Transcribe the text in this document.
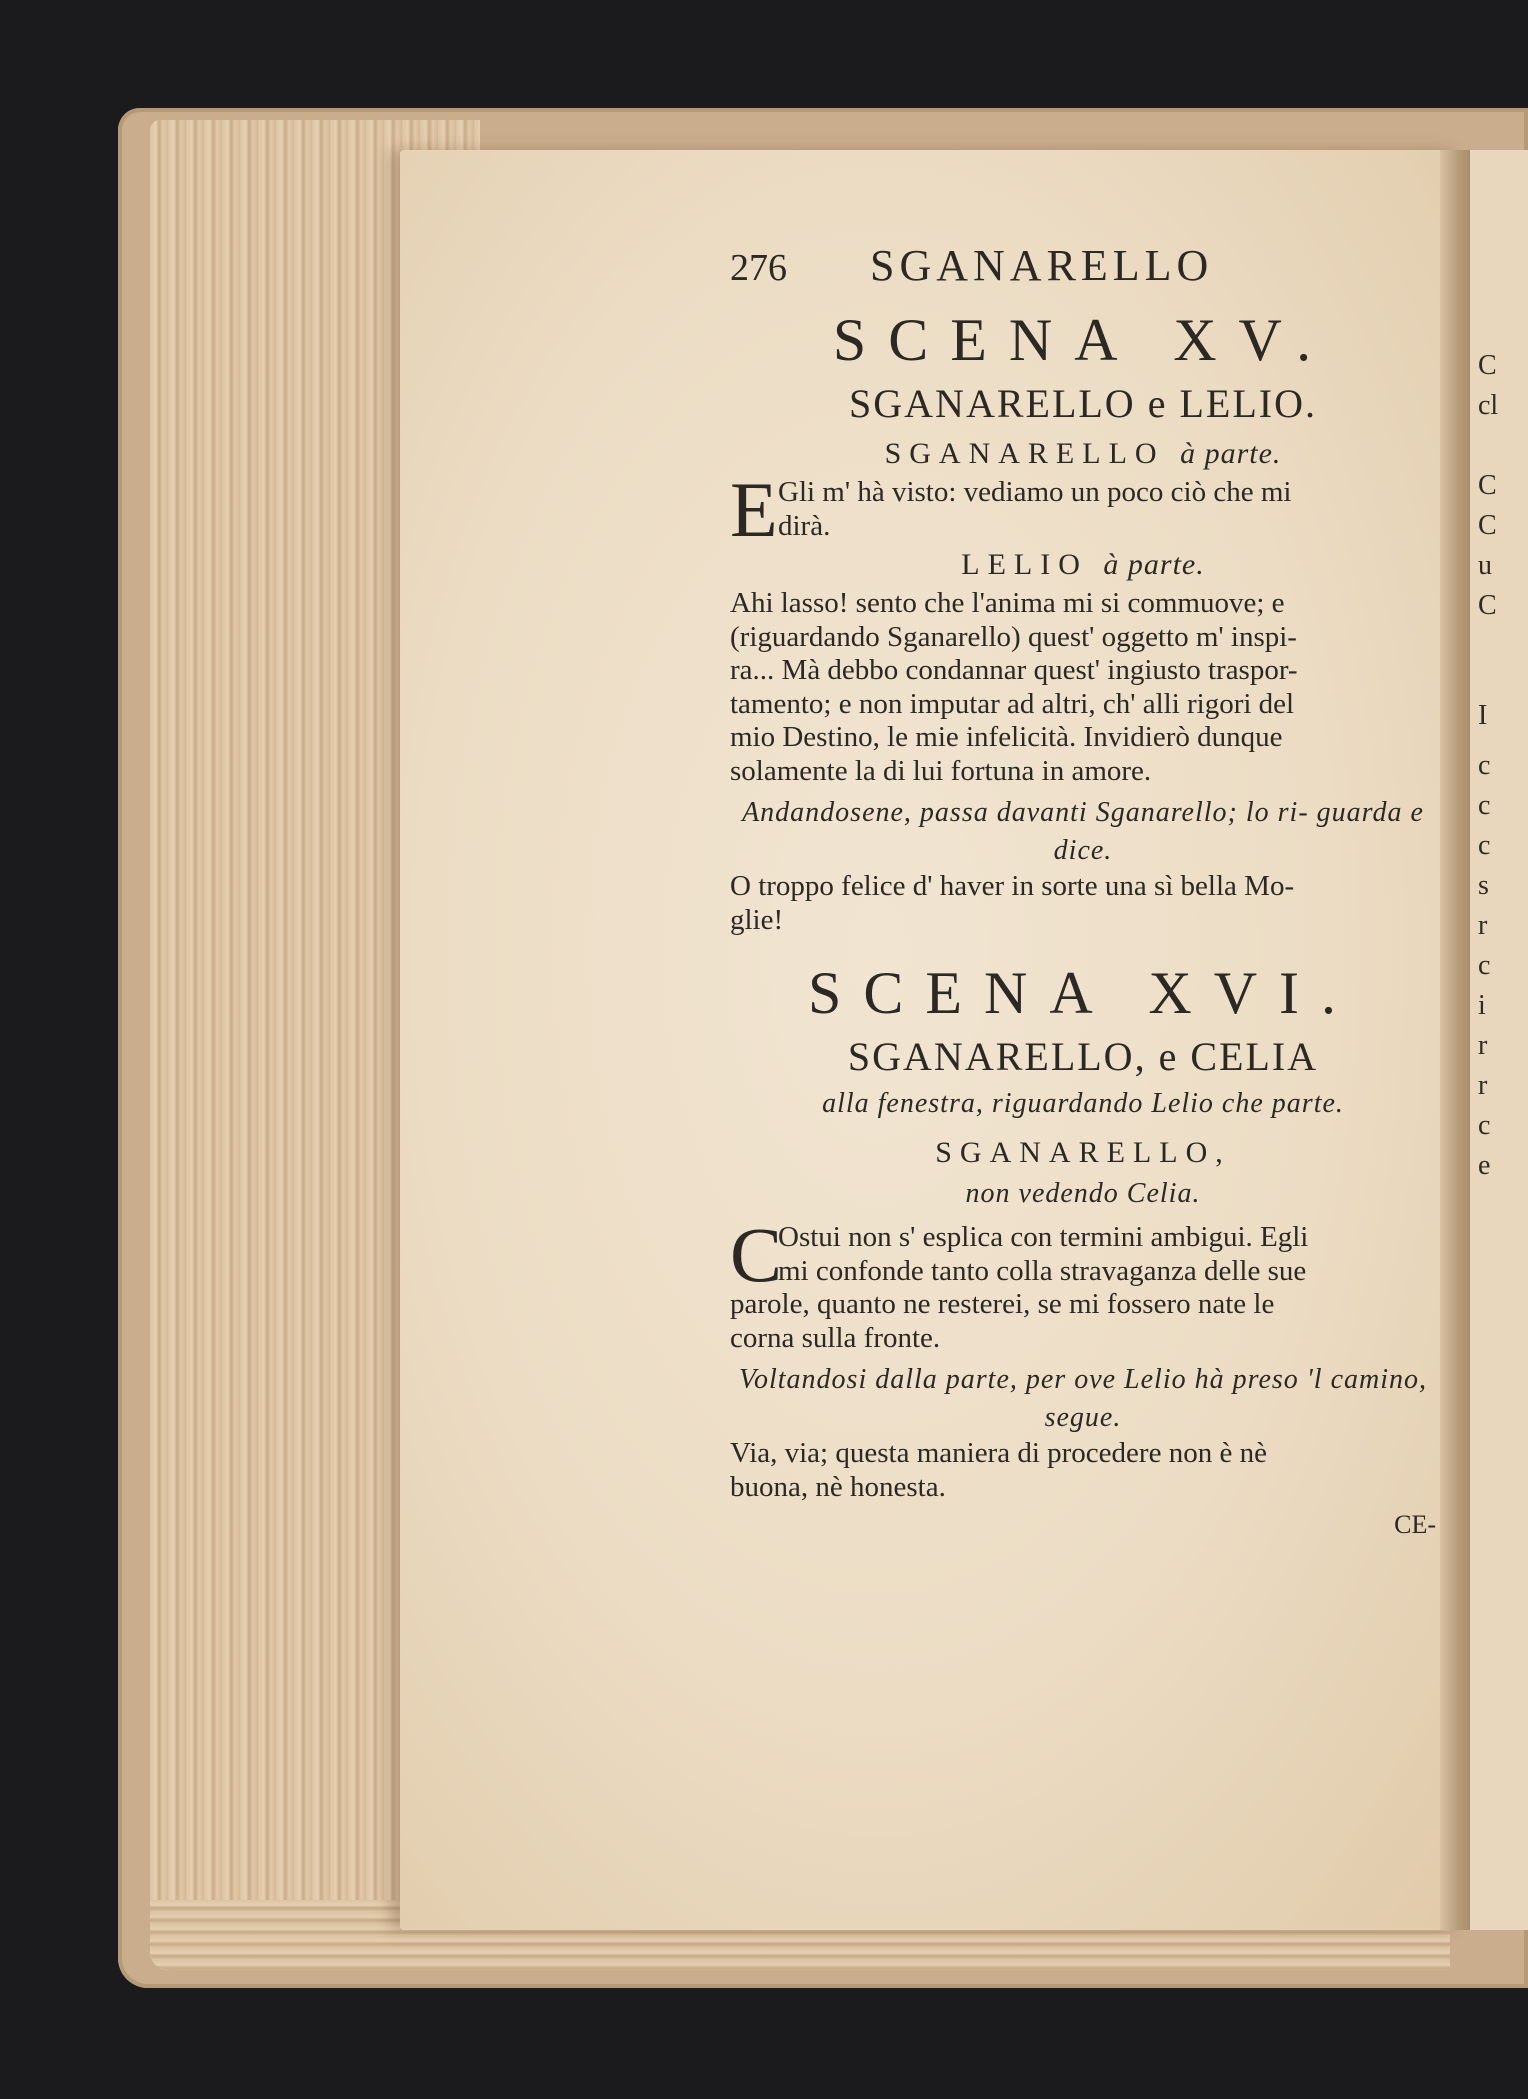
C
cl
C
C
u
C
I
c
c
c
s
r
c
i
r
r
c
e
276	SGANARELLO
SCENA XV.
SGANARELLO e LELIO.
SGANARELLO à parte.
E Gli m' hà visto: vediamo un poco ciò che mi

dirà.

LELIO à parte.

Ahi lasso! sento che l'anima mi si commuove; e

(riguardando Sganarello) quest' oggetto m' inspi-

ra... Mà debbo condannar quest' ingiusto traspor-

tamento; e non imputar ad altri, ch' alli rigori del

mio Destino, le mie infelicità. Invidierò dunque

solamente la di lui fortuna in amore.

Andandosene, passa davanti Sganarello; lo ri- guarda e dice.

O troppo felice d' haver in sorte una sì bella Mo-

glie!

SCENA XVI.
SGANARELLO, e CELIA
alla fenestra, riguardando Lelio che parte.
SGANARELLO,
non vedendo Celia.
C

Ostui non s' esplica con termini ambigui. Egli

mi confonde tanto colla stravaganza delle sue

parole, quanto ne resterei, se mi fossero nate le

corna sulla fronte.

Voltandosi dalla parte, per ove Lelio hà preso 'l camino, segue.

Via, via; questa maniera di procedere non è nè

buona, nè honesta.

CE-
